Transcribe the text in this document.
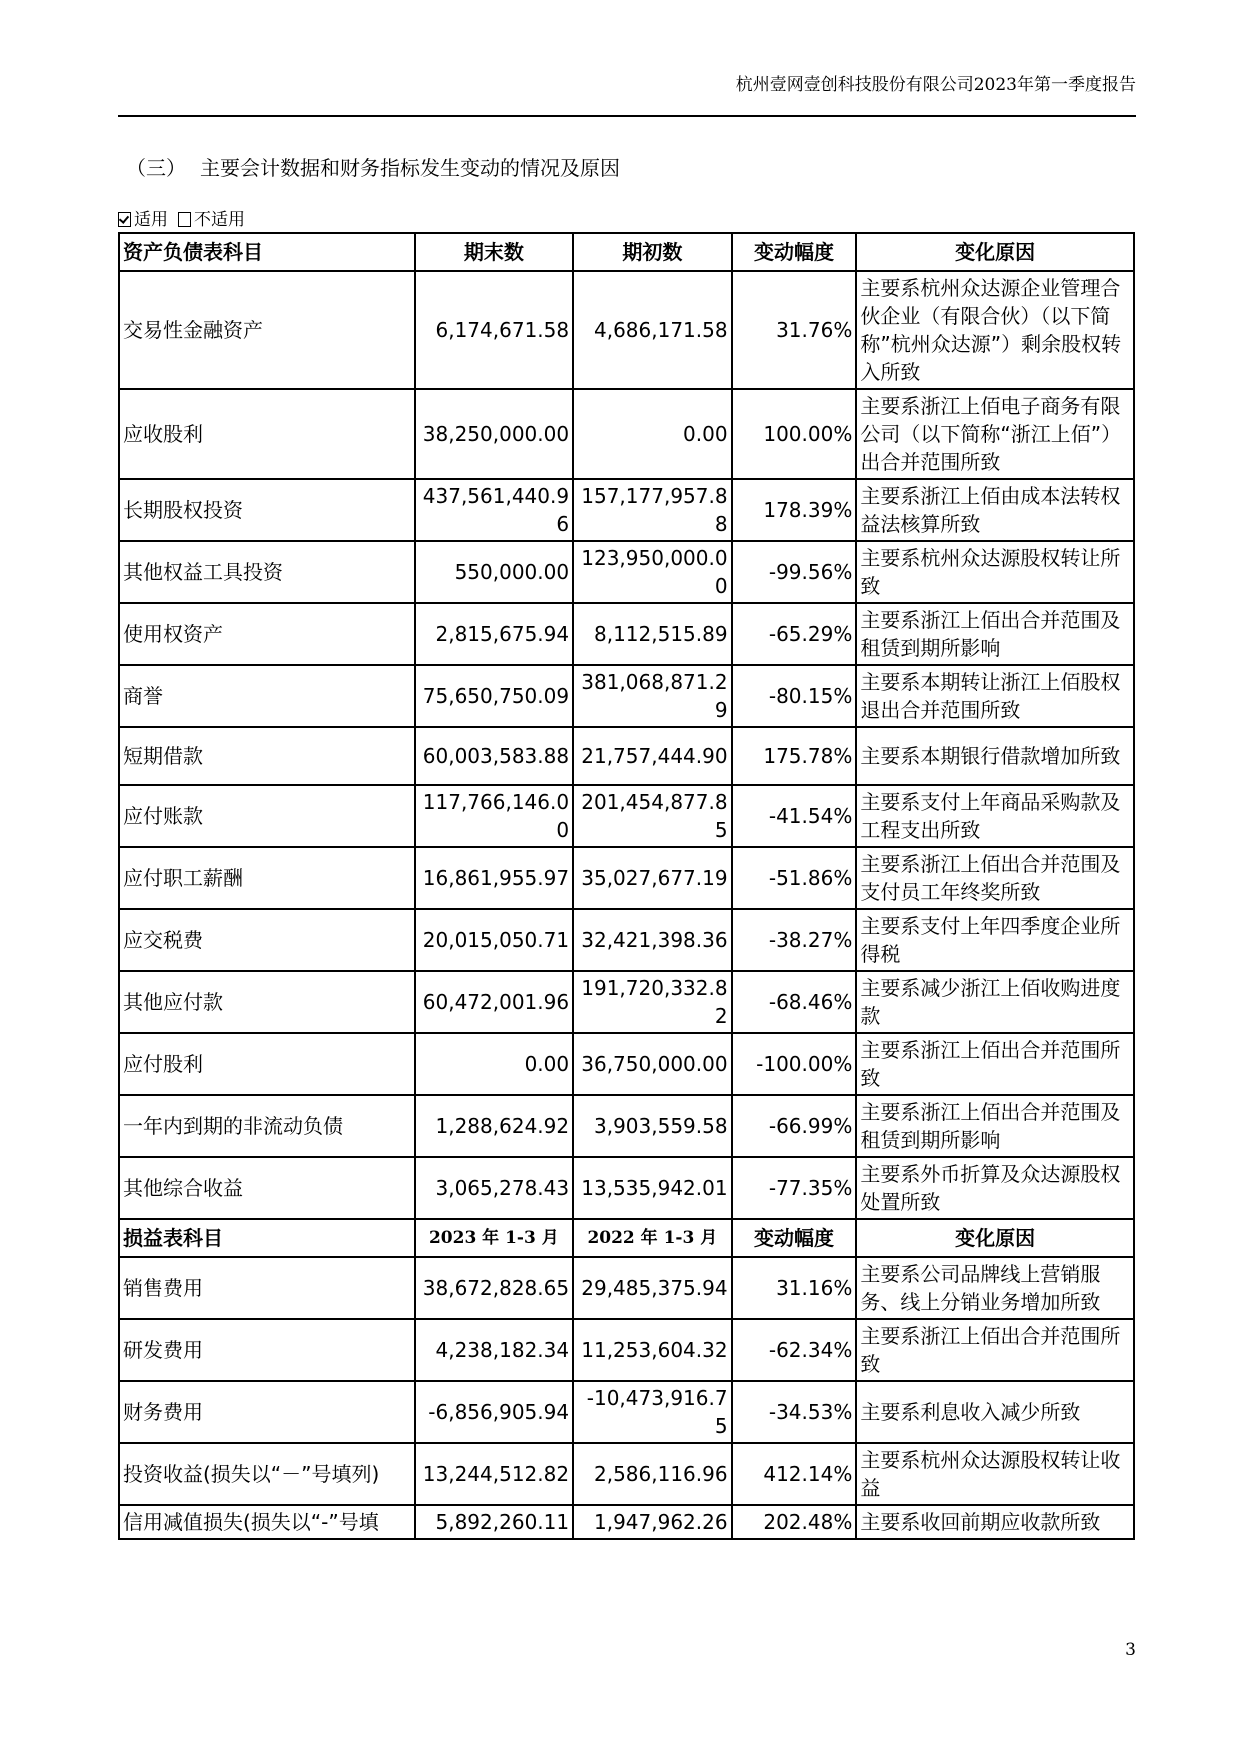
杭州壹网壹创科技股份有限公司2023年第一季度报告
（三） 主要会计数据和财务指标发生变动的情况及原因
适用 不适用
资产负债表科目	期末数	期初数	变动幅度	变化原因
交易性金融资产	6,174,671.58	4,686,171.58	31.76%	主要系杭州众达源企业管理合伙企业（有限合伙）（以下简称”杭州众达源”）剩余股权转入所致
应收股利	38,250,000.00	0.00	100.00%	主要系浙江上佰电子商务有限公司（以下简称“浙江上佰”）出合并范围所致
长期股权投资	437,561,440.96	157,177,957.88	178.39%	主要系浙江上佰由成本法转权益法核算所致
其他权益工具投资	550,000.00	123,950,000.00	-99.56%	主要系杭州众达源股权转让所致
使用权资产	2,815,675.94	8,112,515.89	-65.29%	主要系浙江上佰出合并范围及租赁到期所影响
商誉	75,650,750.09	381,068,871.29	-80.15%	主要系本期转让浙江上佰股权退出合并范围所致
短期借款	60,003,583.88	21,757,444.90	175.78%	主要系本期银行借款增加所致
应付账款	117,766,146.00	201,454,877.85	-41.54%	主要系支付上年商品采购款及工程支出所致
应付职工薪酬	16,861,955.97	35,027,677.19	-51.86%	主要系浙江上佰出合并范围及支付员工年终奖所致
应交税费	20,015,050.71	32,421,398.36	-38.27%	主要系支付上年四季度企业所得税
其他应付款	60,472,001.96	191,720,332.82	-68.46%	主要系减少浙江上佰收购进度款
应付股利	0.00	36,750,000.00	-100.00%	主要系浙江上佰出合并范围所致
一年内到期的非流动负债	1,288,624.92	3,903,559.58	-66.99%	主要系浙江上佰出合并范围及租赁到期所影响
其他综合收益	3,065,278.43	13,535,942.01	-77.35%	主要系外币折算及众达源股权处置所致
损益表科目	2023 年 1-3 月	2022 年 1-3 月	变动幅度	变化原因
销售费用	38,672,828.65	29,485,375.94	31.16%	主要系公司品牌线上营销服务、线上分销业务增加所致
研发费用	4,238,182.34	11,253,604.32	-62.34%	主要系浙江上佰出合并范围所致
财务费用	-6,856,905.94	-10,473,916.75	-34.53%	主要系利息收入减少所致
投资收益(损失以“－”号填列)	13,244,512.82	2,586,116.96	412.14%	主要系杭州众达源股权转让收益
信用减值损失(损失以“-”号填	5,892,260.11	1,947,962.26	202.48%	主要系收回前期应收款所致
3
